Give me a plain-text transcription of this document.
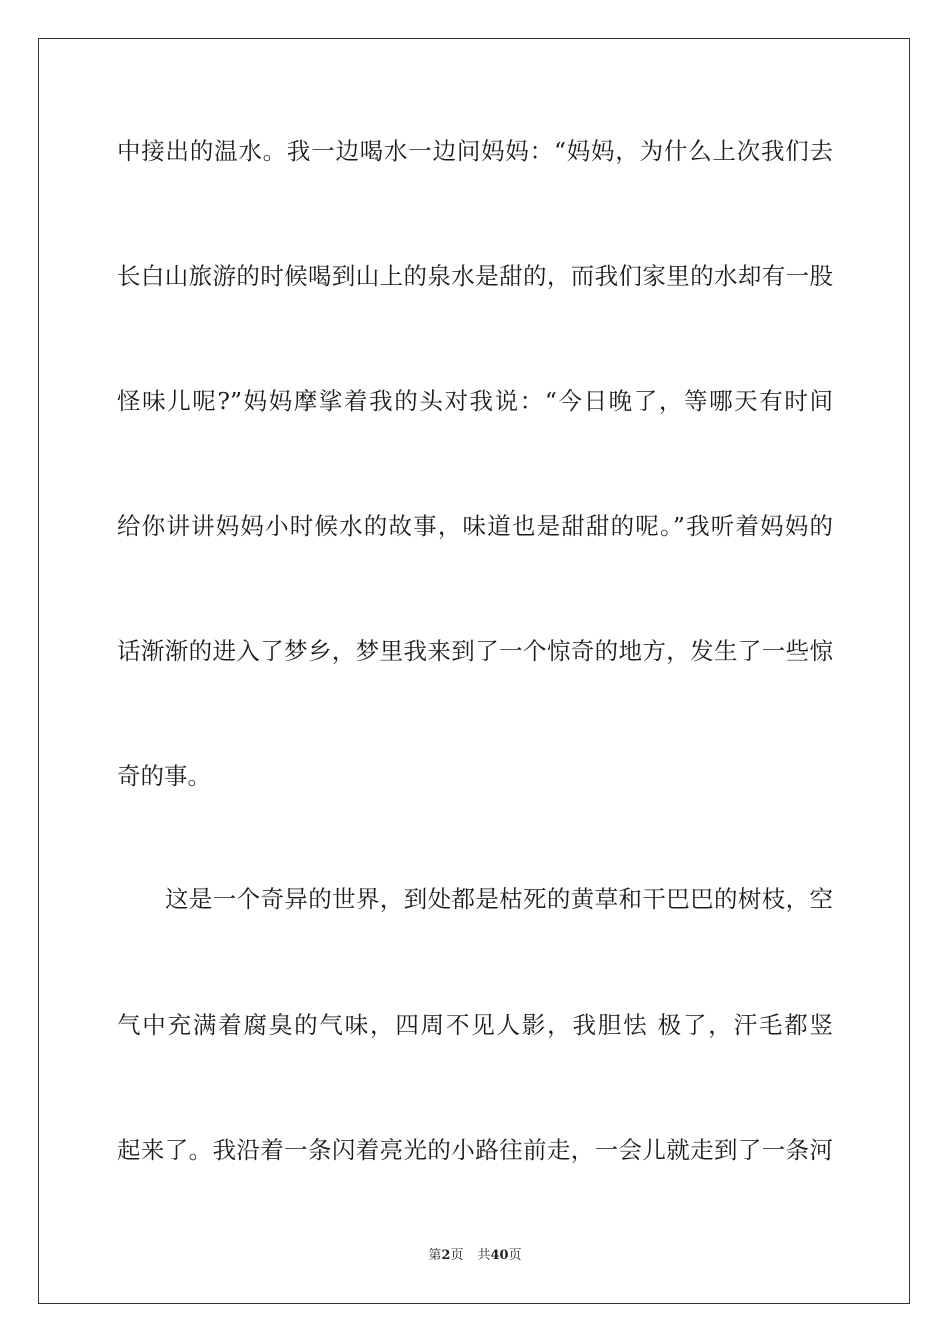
中接出的温水。我一边喝水一边问妈妈：“妈妈，为什么上次我们去
长白山旅游的时候喝到山上的泉水是甜的，而我们家里的水却有一股
怪味儿呢?”妈妈摩挲着我的头对我说：“今日晚了，等哪天有时间
给你讲讲妈妈小时候水的故事，味道也是甜甜的呢。”我听着妈妈的
话渐渐的进入了梦乡，梦里我来到了一个惊奇的地方，发生了一些惊
奇的事。
这是一个奇异的世界，到处都是枯死的黄草和干巴巴的树枝，空
气中充满着腐臭的气味，四周不见人影，我胆怯 极了，汗毛都竖
起来了。我沿着一条闪着亮光的小路往前走，一会儿就走到了一条河
第2页 共40页
